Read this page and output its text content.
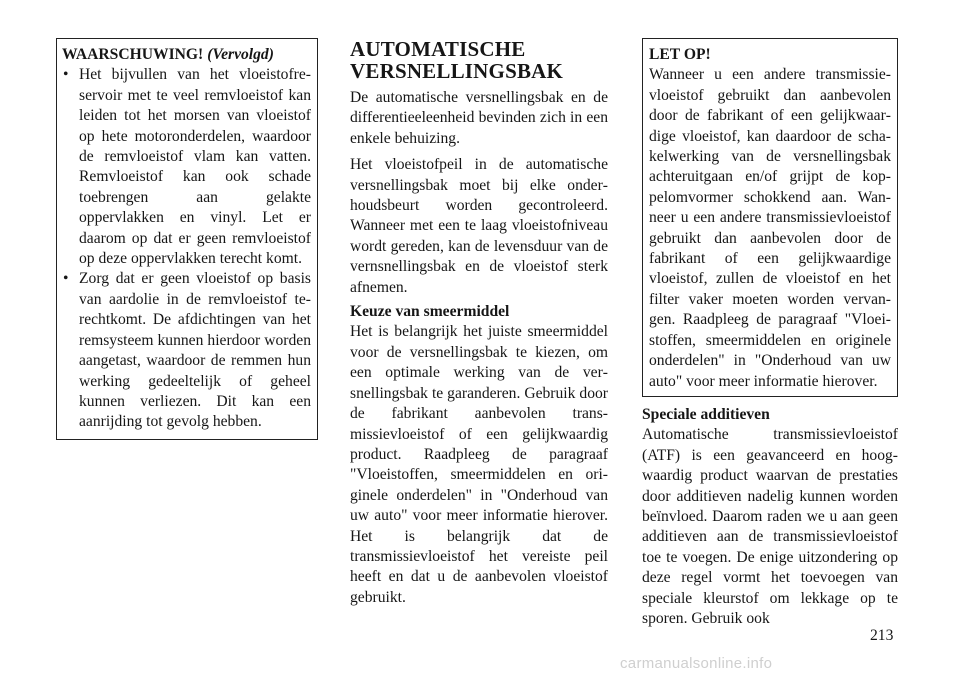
WAARSCHUWING! (Vervolgd)
• Het bijvullen van het vloeistofreservoir met te veel remvloeistof kan leiden tot het morsen van vloeistof op hete motoronderdelen, waardoor de remvloeistof vlam kan vatten. Remvloeistof kan ook schade toebrengen aan gelakte oppervlakken en vinyl. Let er daarom op dat er geen remvloeistof op deze oppervlakken terecht komt.
• Zorg dat er geen vloeistof op basis van aardolie in de remvloeistof terechtkomt. De afdichtingen van het remsysteem kunnen hierdoor worden aangetast, waardoor de remmen hun werking gedeeltelijk of geheel kunnen verliezen. Dit kan een aanrijding tot gevolg hebben.
AUTOMATISCHE
VERSNELLINGSBAK

De automatische versnellingsbak en de differentieeleenheid bevinden zich in een enkele behuizing.

Het vloeistofpeil in de automatische versnellingsbak moet bij elke onderhoudsbeurt worden gecontroleerd. Wanneer met een te laag vloeistofniveau wordt gereden, kan de levensduur van de vernsnellingsbak en de vloeistof sterk afnemen.

Keuze van smeermiddel

Het is belangrijk het juiste smeermiddel voor de versnellingsbak te kiezen, om een optimale werking van de versnellingsbak te garanderen. Gebruik door de fabrikant aanbevolen transmissievloeistof of een gelijkwaardig product. Raadpleeg de paragraaf "Vloeistoffen, smeermiddelen en originele onderdelen" in "Onderhoud van uw auto" voor meer informatie hierover. Het is belangrijk dat de transmissievloeistof het vereiste peil heeft en dat u de aanbevolen vloeistof gebruikt.

LET OP!

Wanneer u een andere transmissievloeistof gebruikt dan aanbevolen door de fabrikant of een gelijkwaardige vloeistof, kan daardoor de schakelwerking van de versnellingsbak achteruitgaan en/of grijpt de koppelomvormer schokkend aan. Wanneer u een andere transmissievloeistof gebruikt dan aanbevolen door de fabrikant of een gelijkwaardige vloeistof, zullen de vloeistof en het filter vaker moeten worden vervangen. Raadpleeg de paragraaf "Vloeistoffen, smeermiddelen en originele onderdelen" in "Onderhoud van uw auto" voor meer informatie hierover.

Speciale additieven

Automatische transmissievloeistof (ATF) is een geavanceerd en hoogwaardig product waarvan de prestaties door additieven nadelig kunnen worden beïnvloed. Daarom raden we u aan geen additieven aan de transmissievloeistof toe te voegen. De enige uitzondering op deze regel vormt het toevoegen van speciale kleurstof om lekkage op te sporen. Gebruik ook

213
carmanualsonline.info
